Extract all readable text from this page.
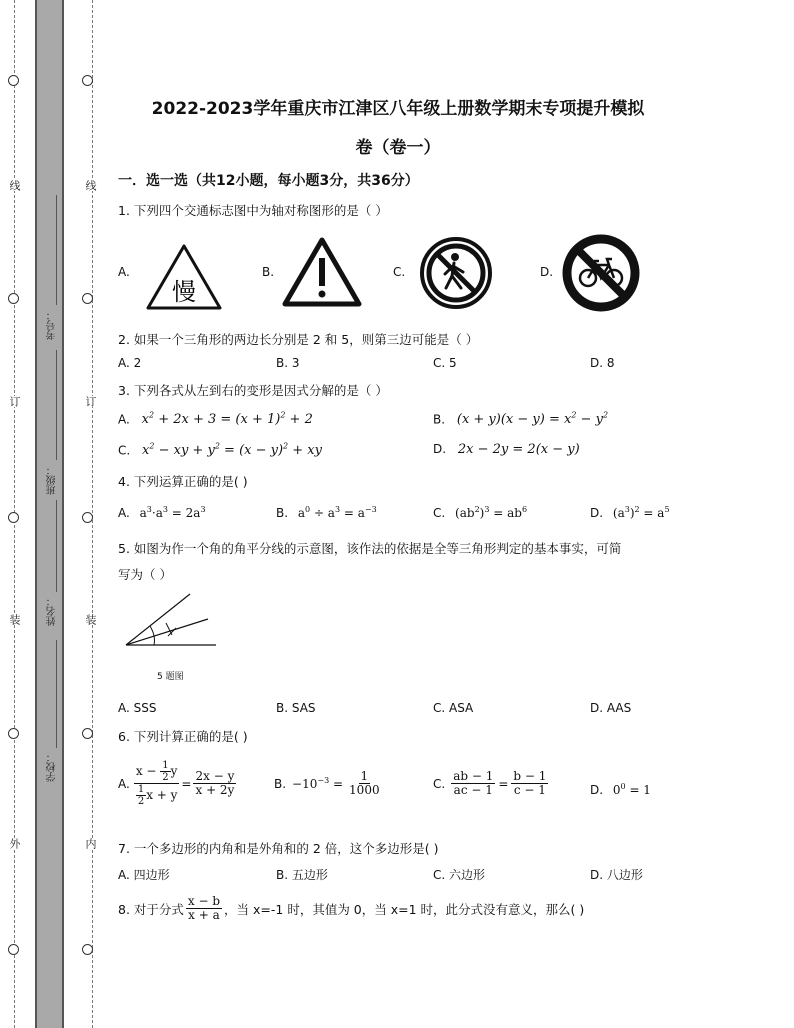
线
订
装
外
线
订
装
内
考号：
班级：
姓名：
学校：
2022-2023学年重庆市江津区八年级上册数学期末专项提升模拟
卷（卷一）
一．选一选（共12小题，每小题3分，共36分）
1. 下列四个交通标志图中为轴对称图形的是（ ）
A.
慢
B.	C.	D.
2. 如果一个三角形的两边长分别是 2 和 5，则第三边可能是（ ）
A. 2	B. 3	C. 5	D. 8
3. 下列各式从左到右的变形是因式分解的是（ ）
A. $x^2 + 2x + 3 = (x + 1)^2 + 2$	B. $(x + y)(x - y) = x^2 - y^2$
C. $x^2$ − xy + $y^2 = (x - y)^2$ + xy	D. 2x − 2y = 2(x − y)
4. 下列运算正确的是( )
A. $a^3\cdot a^3 = 2a^3$	B. $a^0 \div a^3 = a^{-3}$	C. $(ab^2)^3 = ab^6$	D. $(a^3)^2 = a^5$
5. 如图为作一个角的角平分线的示意图，该作法的依据是全等三角形判定的基本事实，可简
写为（ ）
5 题图
A. SSS	B. SAS	C. ASA	D. AAS
6. 下列计算正确的是( )
A. $\frac{x - \frac{1}{2} y}{\frac{1}{2} x + y} = \frac{2x - y}{x + 2y}$	B. $-10^{-3} = \frac{1}{1000}$	C. $\frac{ab - 1}{ac - 1} = \frac{b - 1}{c - 1}$	D. $0^0 = 1$
7. 一个多边形的内角和是外角和的 2 倍，这个多边形是( )
A. 四边形	B. 五边形	C. 六边形	D. 八边形
8. 对于分式 $\frac{x - b}{x + a}$ ，当 x=-1 时，其值为 0，当 x=1 时，此分式没有意义，那么( )
